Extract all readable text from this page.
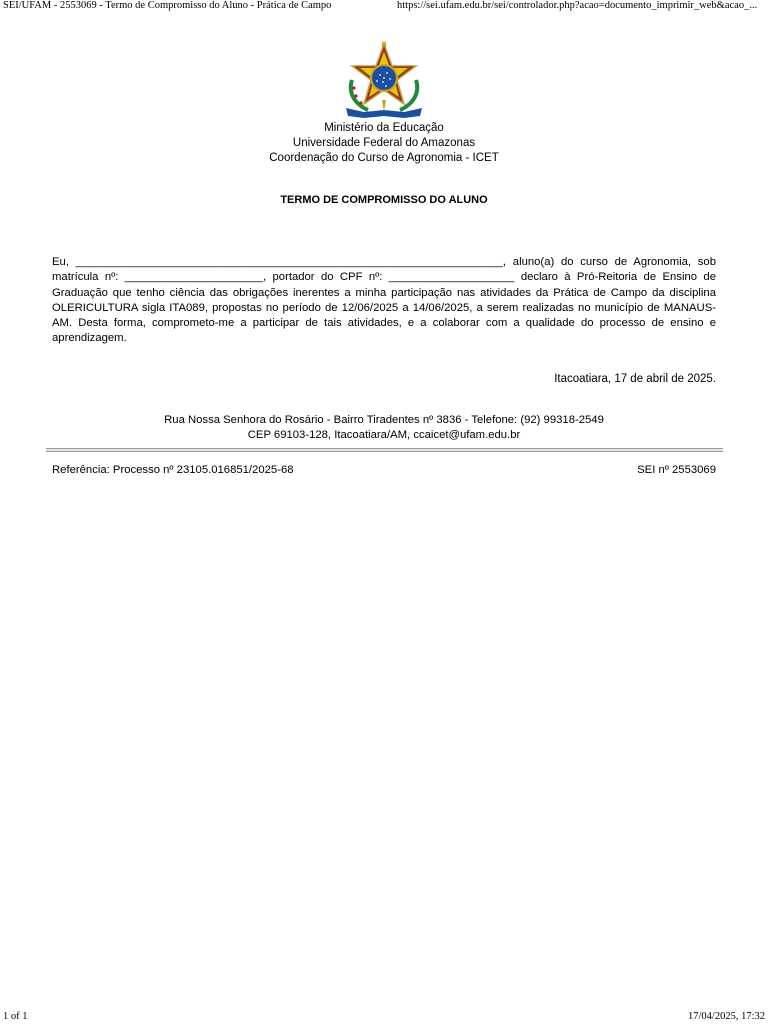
SEI/UFAM - 2553069 - Termo de Compromisso do Aluno - Prática de Campo	https://sei.ufam.edu.br/sei/controlador.php?acao=documento_imprimir_web&acao_...
Ministério da Educação
Universidade Federal do Amazonas
Coordenação do Curso de Agronomia - ICET
TERMO DE COMPROMISSO DO ALUNO
Eu, ____________________________________________________________________, aluno(a) do curso de Agronomia, sob matrícula nº: ______________________, portador do CPF nº: ____________________ declaro à Pró-Reitoria de Ensino de Graduação que tenho ciência das obrigações inerentes a minha participação nas atividades da Prática de Campo da disciplina OLERICULTURA sigla ITA089, propostas no período de 12/06/2025 a 14/06/2025, a serem realizadas no município de MANAUS-AM. Desta forma, comprometo-me a participar de tais atividades, e a colaborar com a qualidade do processo de ensino e aprendizagem.
Itacoatiara, 17 de abril de 2025.
Rua Nossa Senhora do Rosário - Bairro Tiradentes nº 3836 - Telefone: (92) 99318-2549
CEP 69103-128, Itacoatiara/AM, ccaicet@ufam.edu.br
Referência: Processo nº 23105.016851/2025-68	SEI nº 2553069
1 of 1	17/04/2025, 17:32
